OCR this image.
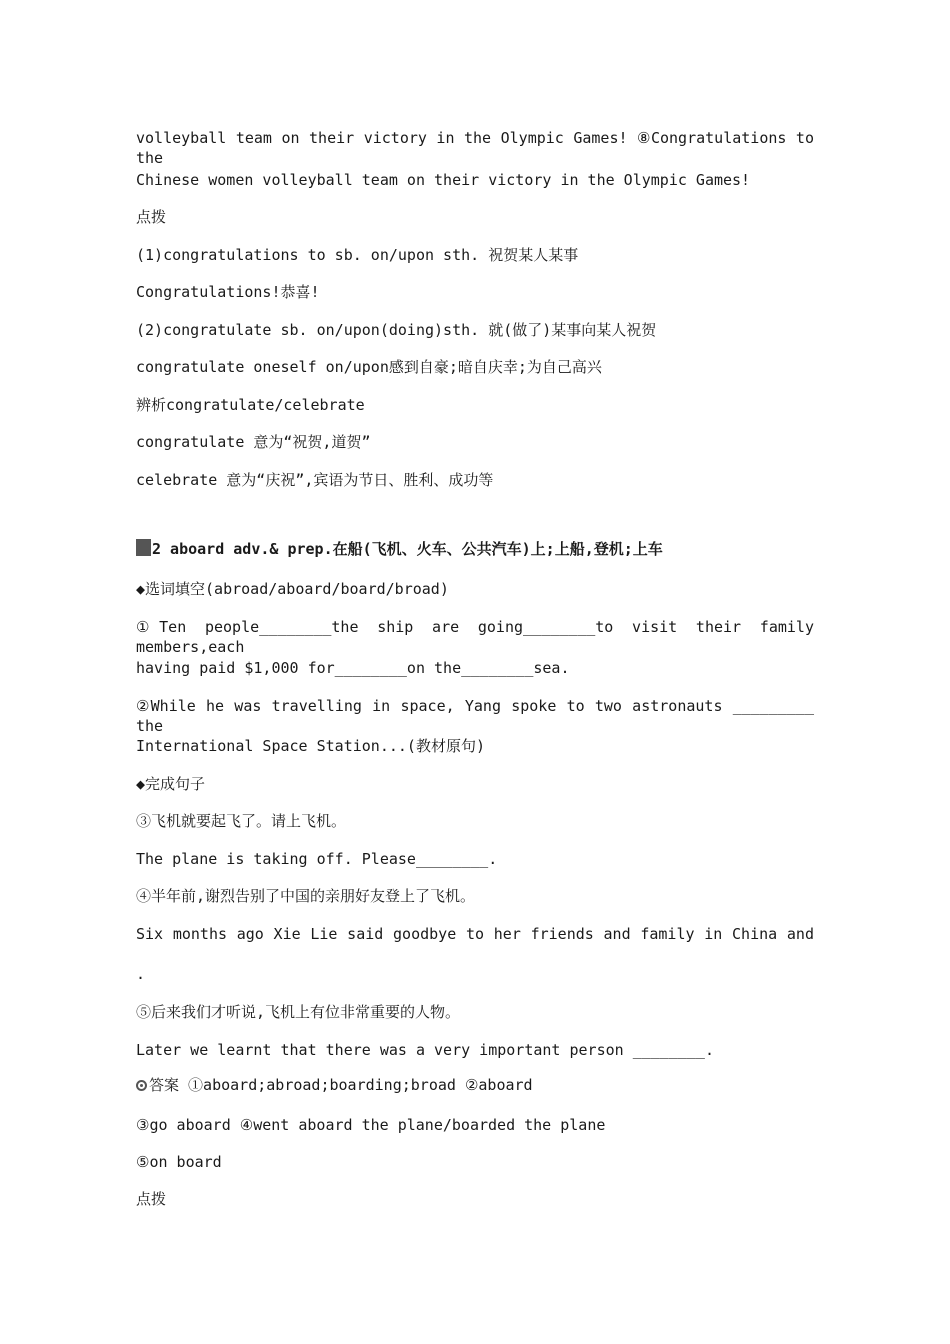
volleyball team on their victory in the Olympic Games! ⑧Congratulations to the
Chinese women volleyball team on their victory in the Olympic Games!
点拨
(1)congratulations to sb. on/upon sth. 祝贺某人某事
Congratulations!恭喜!
(2)congratulate sb. on/upon(doing)sth. 就(做了)某事向某人祝贺
congratulate oneself on/upon感到自豪;暗自庆幸;为自己高兴
辨析congratulate/celebrate
congratulate 意为“祝贺,道贺”
celebrate 意为“庆祝”,宾语为节日、胜利、成功等
2 aboard adv.& prep.在船(飞机、火车、公共汽车)上;上船,登机;上车
◆选词填空(abroad/aboard/board/broad)
①Ten people________the ship are going________to visit their family members,each
having paid $1,000 for________on the________sea.
②While he was travelling in space, Yang spoke to two astronauts _________ the
International Space Station...(教材原句)
◆完成句子
③飞机就要起飞了。请上飞机。
The plane is taking off. Please________.
④半年前,谢烈告别了中国的亲朋好友登上了飞机。
Six months ago Xie Lie said goodbye to her friends and family in China and
.
⑤后来我们才听说,飞机上有位非常重要的人物。
Later we learnt that there was a very important person ________.
答案 ①aboard;abroad;boarding;broad ②aboard
③go aboard ④went aboard the plane/boarded the plane
⑤on board
点拨
